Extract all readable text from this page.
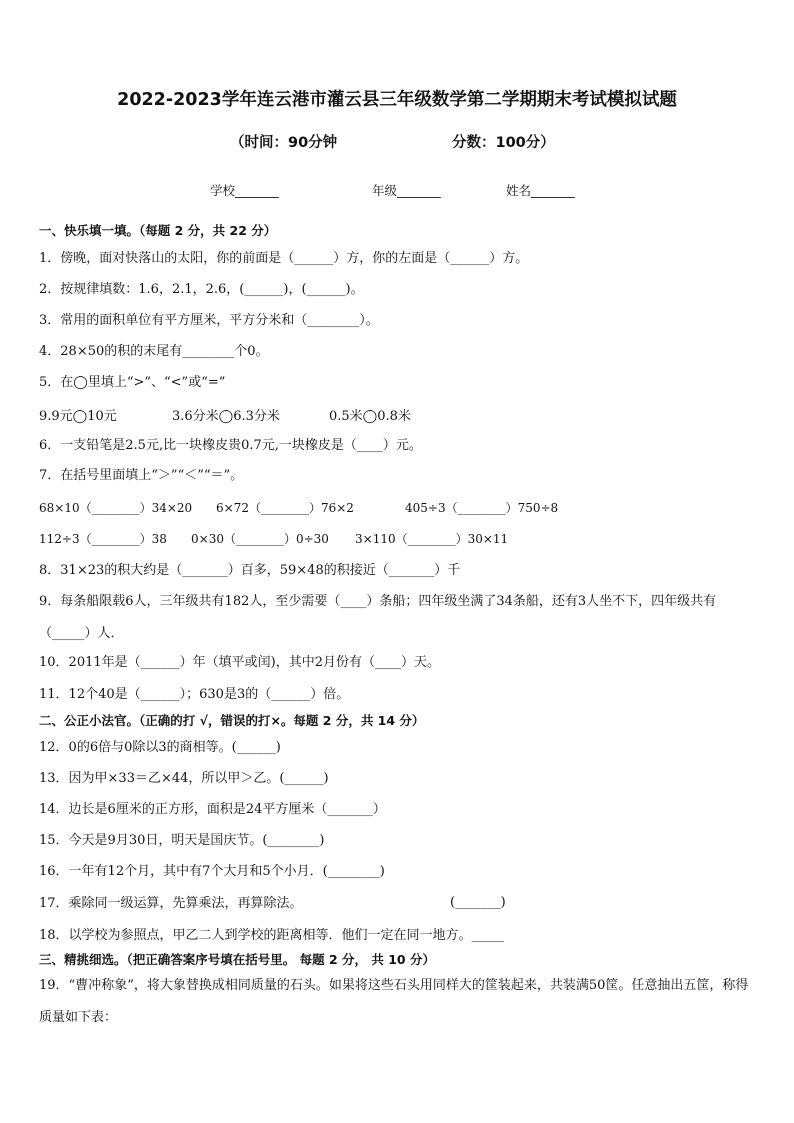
2022-2023学年连云港市灌云县三年级数学第二学期期末考试模拟试题
（时间：90分钟	分数：100分）
学校_______	年级_______	姓名_______
一、快乐填一填。（每题 2 分，共 22 分）
1．傍晚，面对快落山的太阳，你的前面是（______）方，你的左面是（______）方。
2．按规律填数：1.6，2.1，2.6，(______)，(______)。
3．常用的面积单位有平方厘米，平方分米和（________）。
4．28×50的积的末尾有________个0。
5．在◯里填上“>”、“<”或“=”
9.9元◯10元	3.6分米◯6.3分米	0.5米◯0.8米
6．一支铅笔是2.5元,比一块橡皮贵0.7元,一块橡皮是（____）元。
7．在括号里面填上“＞”“＜”“＝”。
68×10（________）34×20 6×72（________）76×2	405÷3（________）750÷8
112÷3（________）38 0×30（________）0÷30 3×110（________）30×11
8．31×23的积大约是（_______）百多，59×48的积接近（_______）千
9．每条船限载6人，三年级共有182人，至少需要（____）条船；四年级坐满了34条船，还有3人坐不下，四年级共有（_____）人．
10．2011年是（______）年（填平或闰)，其中2月份有（____）天。
11．12个40是（______）；630是3的（______）倍。
二、公正小法官。（正确的打 √，错误的打×。每题 2 分，共 14 分）
12．0的6倍与0除以3的商相等。(______)
13．因为甲×33＝乙×44，所以甲＞乙。(______)
14．边长是6厘米的正方形，面积是24平方厘米（_______）
15．今天是9月30日，明天是国庆节。(________)
16．一年有12个月，其中有7个大月和5个小月．(________)
17．乘除同一级运算，先算乘法，再算除法。	(_______)
18．以学校为参照点，甲乙二人到学校的距离相等．他们一定在同一地方。_____
三、精挑细选。（把正确答案序号填在括号里。 每题 2 分， 共 10 分）
19．“曹冲称象”，将大象替换成相同质量的石头。如果将这些石头用同样大的筐装起来，共装满50筐。任意抽出五筐，称得质量如下表：
